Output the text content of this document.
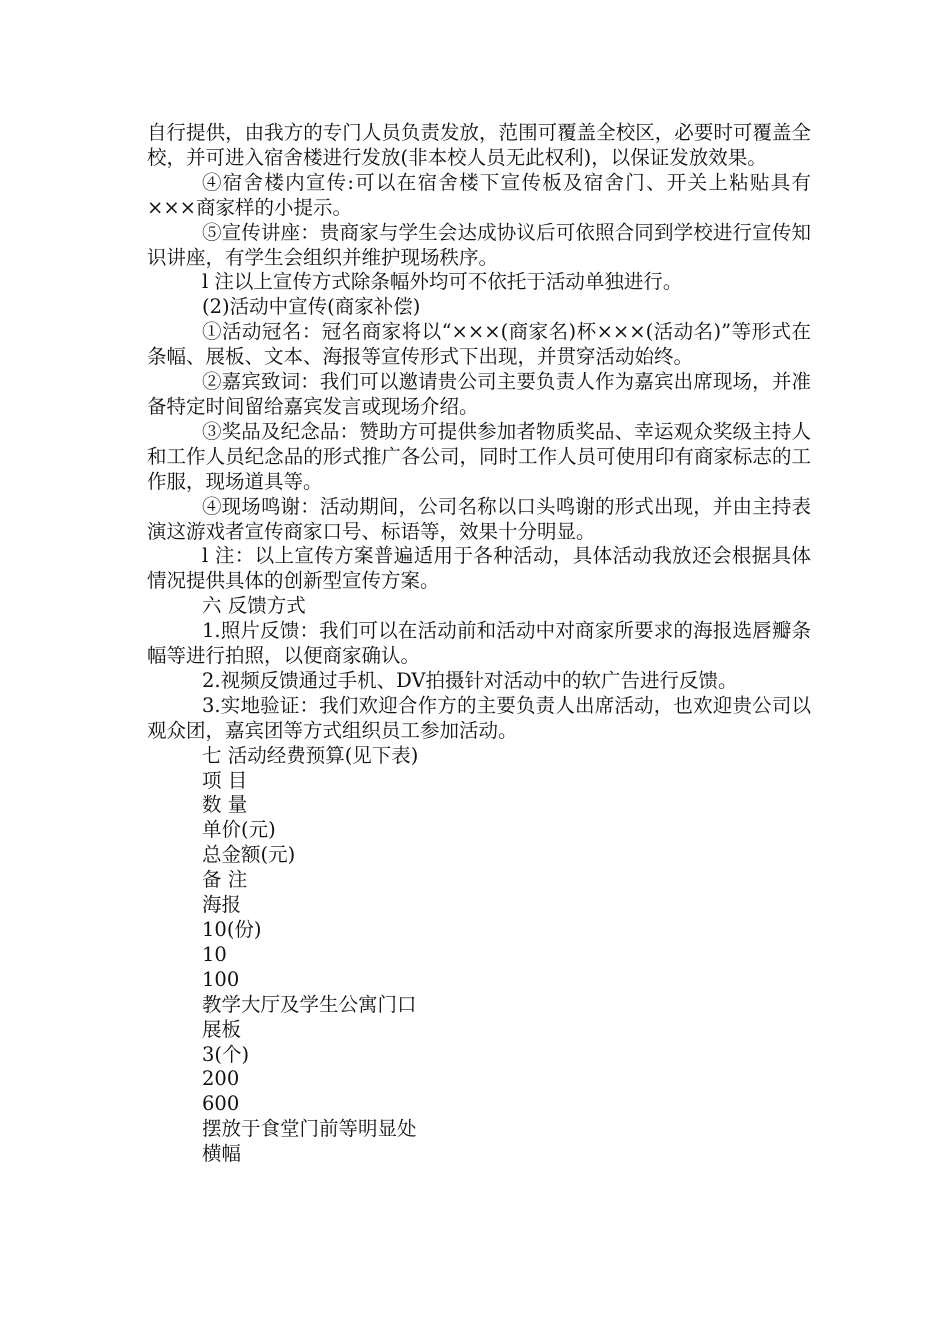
自行提供，由我方的专门人员负责发放，范围可覆盖全校区，必要时可覆盖全校，并可进入宿舍楼进行发放(非本校人员无此权利)，以保证发放效果。

④宿舍楼内宣传:可以在宿舍楼下宣传板及宿舍门、开关上粘贴具有×××商家样的小提示。

⑤宣传讲座：贵商家与学生会达成协议后可依照合同到学校进行宣传知识讲座，有学生会组织并维护现场秩序。

l 注以上宣传方式除条幅外均可不依托于活动单独进行。

(2)活动中宣传(商家补偿)

①活动冠名：冠名商家将以“×××(商家名)杯×××(活动名)”等形式在条幅、展板、文本、海报等宣传形式下出现，并贯穿活动始终。

②嘉宾致词：我们可以邀请贵公司主要负责人作为嘉宾出席现场，并准备特定时间留给嘉宾发言或现场介绍。

③奖品及纪念品：赞助方可提供参加者物质奖品、幸运观众奖级主持人和工作人员纪念品的形式推广各公司，同时工作人员可使用印有商家标志的工作服，现场道具等。

④现场鸣谢：活动期间，公司名称以口头鸣谢的形式出现，并由主持表演这游戏者宣传商家口号、标语等，效果十分明显。

l 注：以上宣传方案普遍适用于各种活动，具体活动我放还会根据具体情况提供具体的创新型宣传方案。

六 反馈方式

1.照片反馈：我们可以在活动前和活动中对商家所要求的海报选唇瓣条幅等进行拍照，以便商家确认。

2.视频反馈通过手机、DV拍摄针对活动中的软广告进行反馈。

3.实地验证：我们欢迎合作方的主要负责人出席活动，也欢迎贵公司以观众团，嘉宾团等方式组织员工参加活动。

七 活动经费预算(见下表)

项 目

数 量

单价(元)

总金额(元)

备 注

海报

10(份)

10

100

教学大厅及学生公寓门口

展板

3(个)

200

600

摆放于食堂门前等明显处

横幅
